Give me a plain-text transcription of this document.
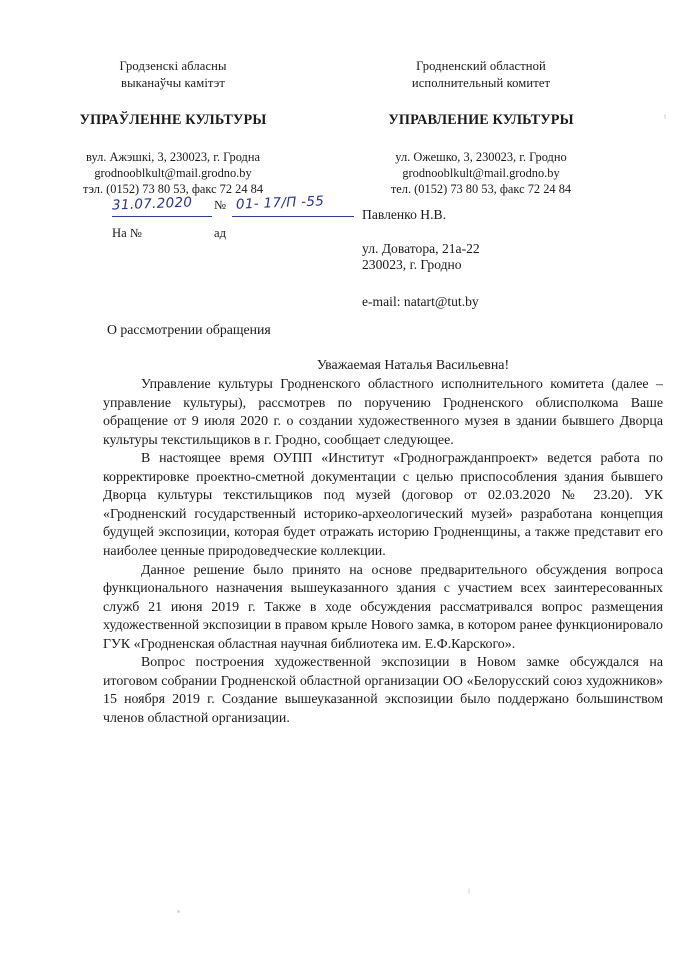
Гродзенскі абласны
выканаўчы камітэт
УПРАЎЛЕННЕ КУЛЬТУРЫ
вул. Ажэшкі, 3, 230023, г. Гродна
grodnooblkult@mail.grodno.by
тэл. (0152) 73 80 53, факс 72 24 84
Гродненский областной
исполнительный комитет
УПРАВЛЕНИЕ КУЛЬТУРЫ
ул. Ожешко, 3, 230023, г. Гродно
grodnooblkult@mail.grodno.by
тел. (0152) 73 80 53, факс 72 24 84
31.07.2020 № 01- 17/П -55
На №	ад
Павленко Н.В.
ул. Доватора, 21а-22
230023, г. Гродно
e-mail: natart@tut.by
О рассмотрении обращения
Уважаемая Наталья Васильевна!

Управление культуры Гродненского областного исполнительного комитета (далее – управление культуры), рассмотрев по поручению Гродненского облисполкома Ваше обращение от 9 июля 2020 г. о создании художественного музея в здании бывшего Дворца культуры текстильщиков в г. Гродно, сообщает следующее.

В настоящее время ОУПП «Институт «Гродногражданпроект» ведется работа по корректировке проектно-сметной документации с целью приспособления здания бывшего Дворца культуры текстильщиков под музей (договор от 02.03.2020 № 23.20). УК «Гродненский государственный историко-археологический музей» разработана концепция будущей экспозиции, которая будет отражать историю Гродненщины, а также представит его наиболее ценные природоведческие коллекции.

Данное решение было принято на основе предварительного обсуждения вопроса функционального назначения вышеуказанного здания с участием всех заинтересованных служб 21 июня 2019 г. Также в ходе обсуждения рассматривался вопрос размещения художественной экспозиции в правом крыле Нового замка, в котором ранее функционировало ГУК «Гродненская областная научная библиотека им. Е.Ф.Карского».

Вопрос построения художественной экспозиции в Новом замке обсуждался на итоговом собрании Гродненской областной организации ОО «Белорусский союз художников» 15 ноября 2019 г. Создание вышеуказанной экспозиции было поддержано большинством членов областной организации.
